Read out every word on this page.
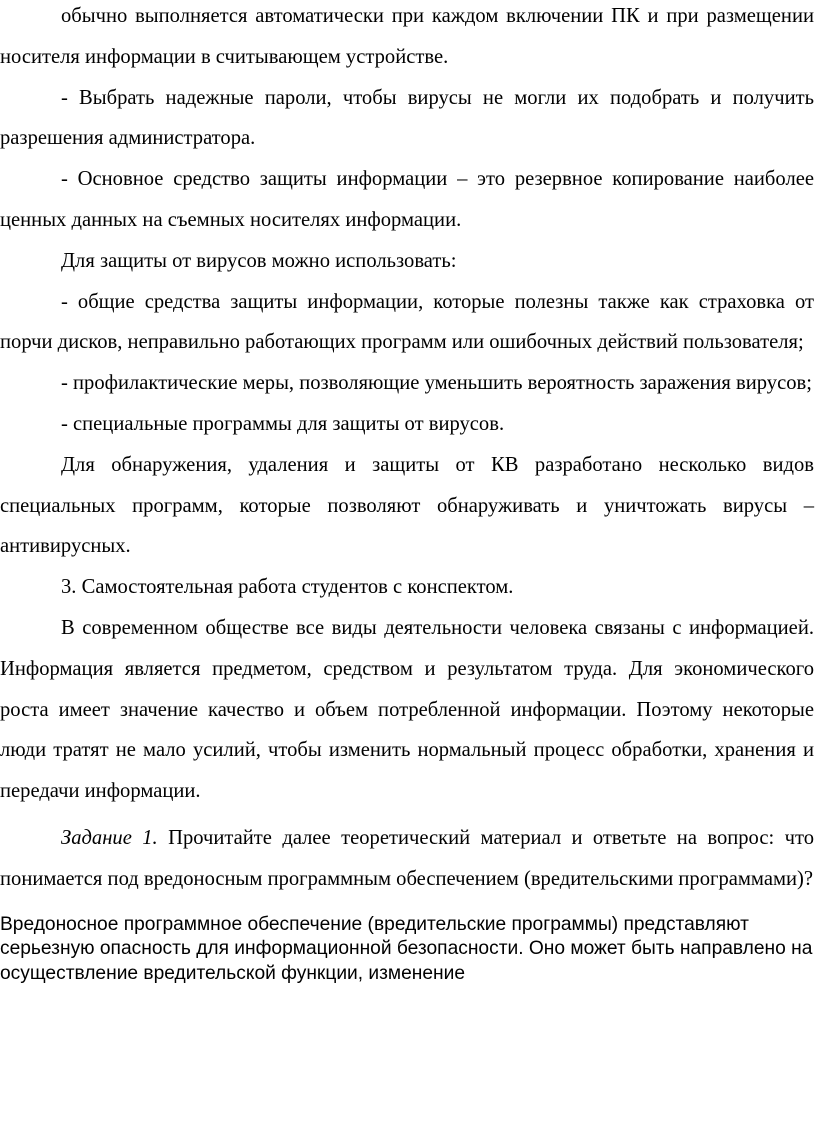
обычно выполняется автоматически при каждом включении ПК и при размещении носителя информации в считывающем устройстве.

- Выбрать надежные пароли, чтобы вирусы не могли их подобрать и получить разрешения администратора.

- Основное средство защиты информации – это резервное копирование наиболее ценных данных на съемных носителях информации.

Для защиты от вирусов можно использовать:

- общие средства защиты информации, которые полезны также как страховка от порчи дисков, неправильно работающих программ или ошибочных действий пользователя;

- профилактические меры, позволяющие уменьшить вероятность заражения вирусов;

- специальные программы для защиты от вирусов.

Для обнаружения, удаления и защиты от КВ разработано несколько видов специальных программ, которые позволяют обнаруживать и уничтожать вирусы – антивирусных.

3. Самостоятельная работа студентов с конспектом.

В современном обществе все виды деятельности человека связаны с информацией. Информация является предметом, средством и результатом труда. Для экономического роста имеет значение качество и объем потребленной информации. Поэтому некоторые люди тратят не мало усилий, чтобы изменить нормальный процесс обработки, хранения и передачи информации.

Задание 1. Прочитайте далее теоретический материал и ответьте на вопрос: что понимается под вредоносным программным обеспечением (вредительскими программами)?

Вредоносное программное обеспечение (вредительские программы) представляют серьезную опасность для информационной безопасности. Оно может быть направлено на осуществление вредительской функции, изменение
